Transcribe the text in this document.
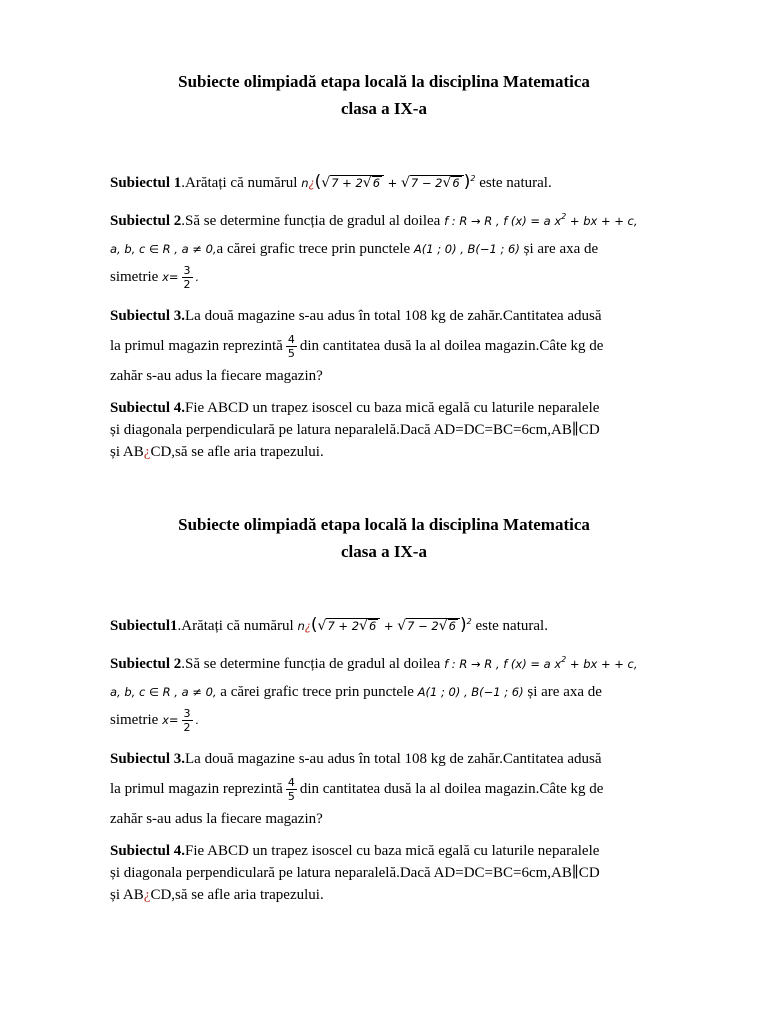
Subiecte olimpiadă etapa locală la disciplina Matematica

clasa a IX-a

Subiectul 1.Arătați că numărul n¿(√7 + 2√6 + √7 − 2√6 )$^2$ este natural.

Subiectul 2.Să se determine funcția de gradul al doilea f : R → R , f (x) = a $x^2$ + bx + + c,
a, b, c ∈ R , a ≠ 0,a cărei grafic trece prin punctele A(1 ; 0) , B(−1 ; 6) și are axa de
simetrie $x= \frac{3}{2}$ .

Subiectul 3.La două magazine s-au adus în total 108 kg de zahăr.Cantitatea adusă
la primul magazin reprezintă $\frac{4}{5}$ din cantitatea dusă la al doilea magazin.Câte kg de
zahăr s-au adus la fiecare magazin?

Subiectul 4.Fie ABCD un trapez isoscel cu baza mică egală cu laturile neparalele
și diagonala perpendiculară pe latura neparalelă.Dacă AD=DC=BC=6cm,AB∥CD
și AB¿CD,să se afle aria trapezului.

Subiecte olimpiadă etapa locală la disciplina Matematica

clasa a IX-a

Subiectul1.Arătați că numărul n¿(√7 + 2√6 + √7 − 2√6 )$^2$ este natural.

Subiectul 2.Să se determine funcția de gradul al doilea f : R → R , f (x) = a $x^2$ + bx + + c,
a, b, c ∈ R , a ≠ 0, a cărei grafic trece prin punctele A(1 ; 0) , B(−1 ; 6) și are axa de
simetrie $x= \frac{3}{2}$ .

Subiectul 3.La două magazine s-au adus în total 108 kg de zahăr.Cantitatea adusă
la primul magazin reprezintă $\frac{4}{5}$ din cantitatea dusă la al doilea magazin.Câte kg de
zahăr s-au adus la fiecare magazin?

Subiectul 4.Fie ABCD un trapez isoscel cu baza mică egală cu laturile neparalele
și diagonala perpendiculară pe latura neparalelă.Dacă AD=DC=BC=6cm,AB∥CD
și AB¿CD,să se afle aria trapezului.
